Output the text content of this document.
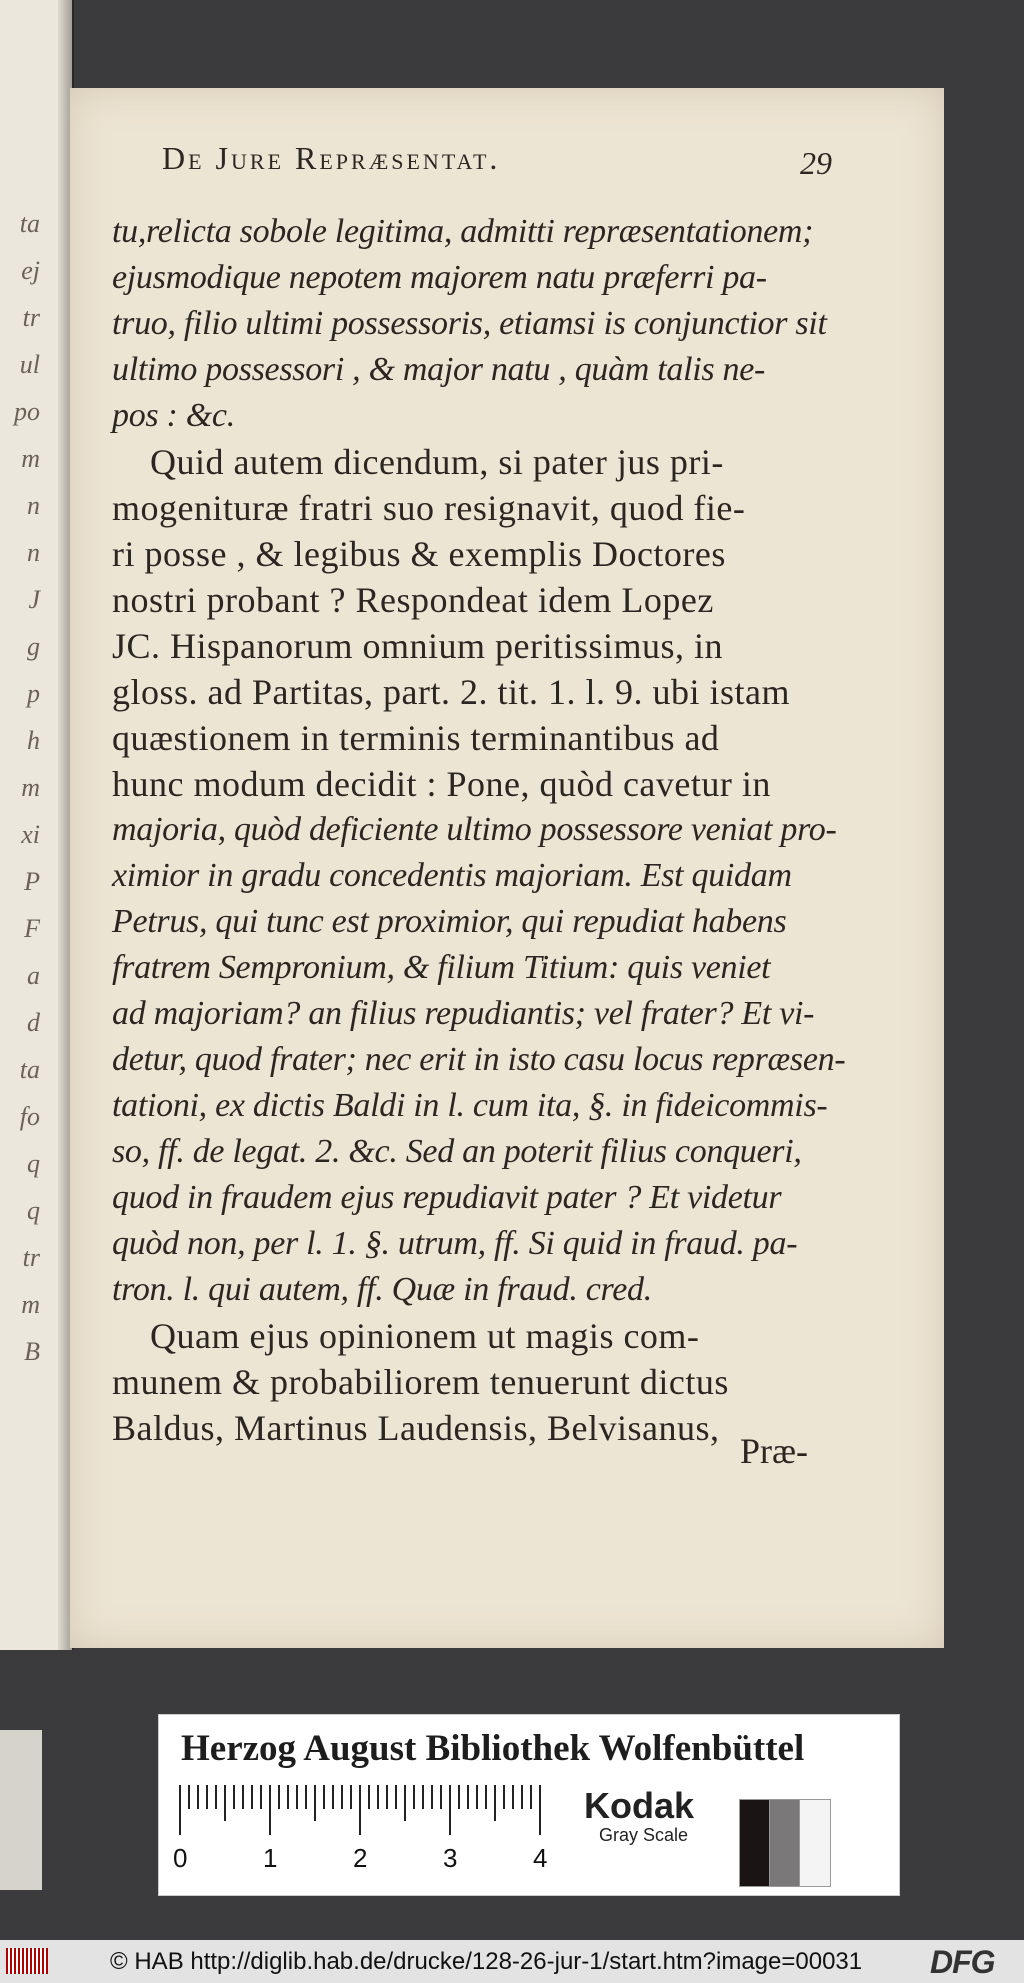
ta
ej
tr
ul
po
m
n
n
J
g
p
h
m
xi
P
F
a
d
ta
fo
q
q
tr
m
B
De Jure Repræsentat.	29
tu,relicta sobole legitima, admitti repræsentationem;
ejusmodique nepotem majorem natu præferri pa-
truo, filio ultimi possessoris, etiamsi is conjunctior sit
ultimo possessori , & major natu , quàm talis ne-
pos : &c.
Quid autem dicendum, si pater jus pri-
mogenituræ fratri suo resignavit, quod fie-
ri posse , & legibus & exemplis Doctores
nostri probant ? Respondeat idem Lopez
JC. Hispanorum omnium peritissimus, in
gloss. ad Partitas, part. 2. tit. 1. l. 9. ubi istam
quæstionem in terminis terminantibus ad
hunc modum decidit : Pone, quòd cavetur in
majoria, quòd deficiente ultimo possessore veniat pro-
ximior in gradu concedentis majoriam. Est quidam
Petrus, qui tunc est proximior, qui repudiat habens
fratrem Sempronium, & filium Titium: quis veniet
ad majoriam? an filius repudiantis; vel frater? Et vi-
detur, quod frater; nec erit in isto casu locus repræsen-
tationi, ex dictis Baldi in l. cum ita, §. in fideicommis-
so, ff. de legat. 2. &c. Sed an poterit filius conqueri,
quod in fraudem ejus repudiavit pater ? Et videtur
quòd non, per l. 1. §. utrum, ff. Si quid in fraud. pa-
tron. l. qui autem, ff. Quæ in fraud. cred.
Quam ejus opinionem ut magis com-
munem & probabiliorem tenuerunt dictus
Baldus, Martinus Laudensis, Belvisanus,
Præ-
Herzog August Bibliothek Wolfenbüttel
0	1	2	3	4
Kodak
Gray Scale
© HAB http://diglib.hab.de/drucke/128-26-jur-1/start.htm?image=00031 DFG
